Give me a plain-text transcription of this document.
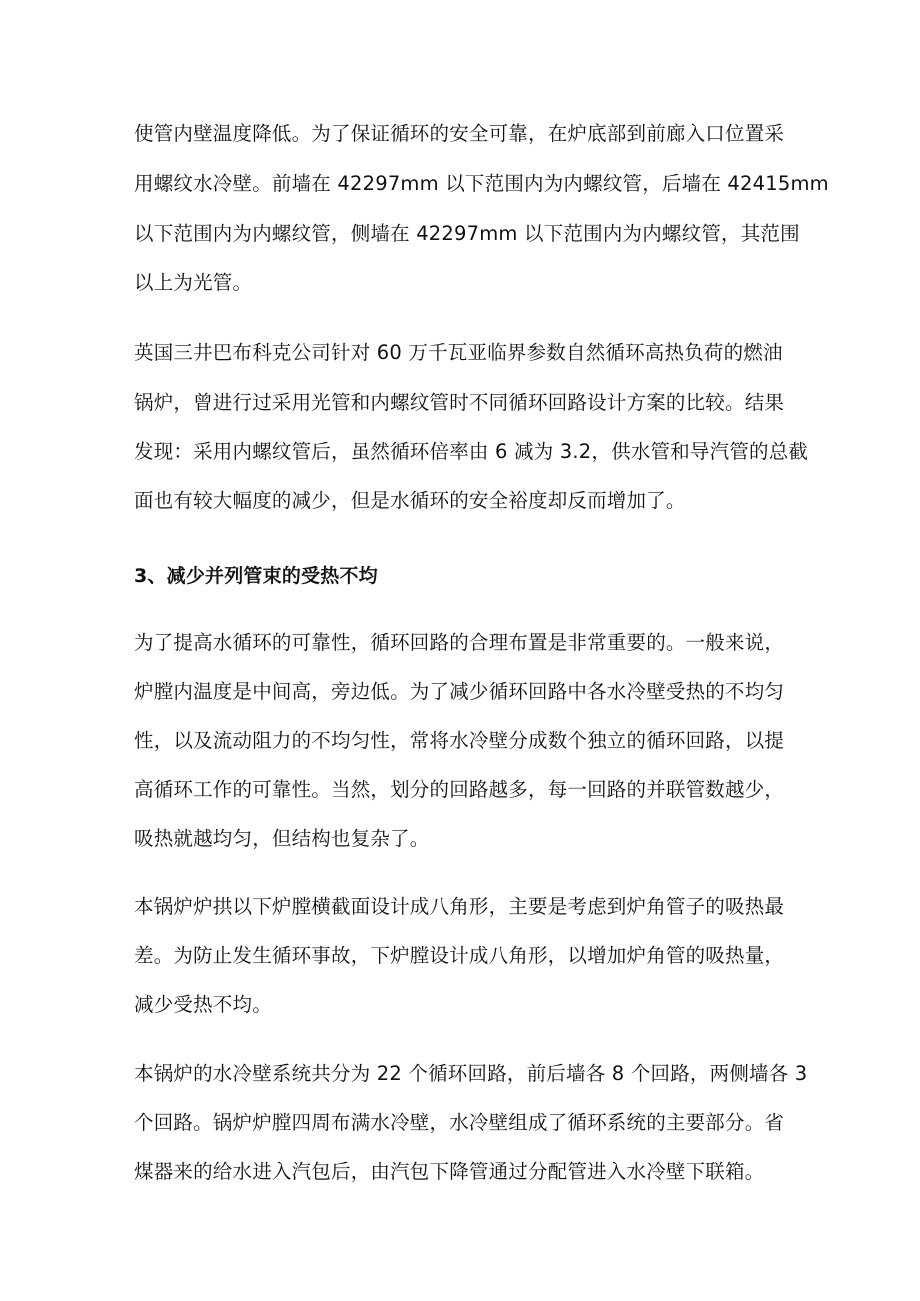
使管内壁温度降低。为了保证循环的安全可靠，在炉底部到前廊入口位置采
用螺纹水冷壁。前墙在 42297mm 以下范围内为内螺纹管，后墙在 42415mm
以下范围内为内螺纹管，侧墙在 42297mm 以下范围内为内螺纹管，其范围
以上为光管。
英国三井巴布科克公司针对 60 万千瓦亚临界参数自然循环高热负荷的燃油
锅炉，曾进行过采用光管和内螺纹管时不同循环回路设计方案的比较。结果
发现：采用内螺纹管后，虽然循环倍率由 6 减为 3.2，供水管和导汽管的总截
面也有较大幅度的减少，但是水循环的安全裕度却反而增加了。
3、减少并列管束的受热不均
为了提高水循环的可靠性，循环回路的合理布置是非常重要的。一般来说，
炉膛内温度是中间高，旁边低。为了减少循环回路中各水冷壁受热的不均匀
性，以及流动阻力的不均匀性，常将水冷壁分成数个独立的循环回路，以提
高循环工作的可靠性。当然，划分的回路越多，每一回路的并联管数越少，
吸热就越均匀，但结构也复杂了。
本锅炉炉拱以下炉膛横截面设计成八角形，主要是考虑到炉角管子的吸热最
差。为防止发生循环事故，下炉膛设计成八角形，以增加炉角管的吸热量，
减少受热不均。
本锅炉的水冷壁系统共分为 22 个循环回路，前后墙各 8 个回路，两侧墙各 3
个回路。锅炉炉膛四周布满水冷壁，水冷壁组成了循环系统的主要部分。省
煤器来的给水进入汽包后，由汽包下降管通过分配管进入水冷壁下联箱。
